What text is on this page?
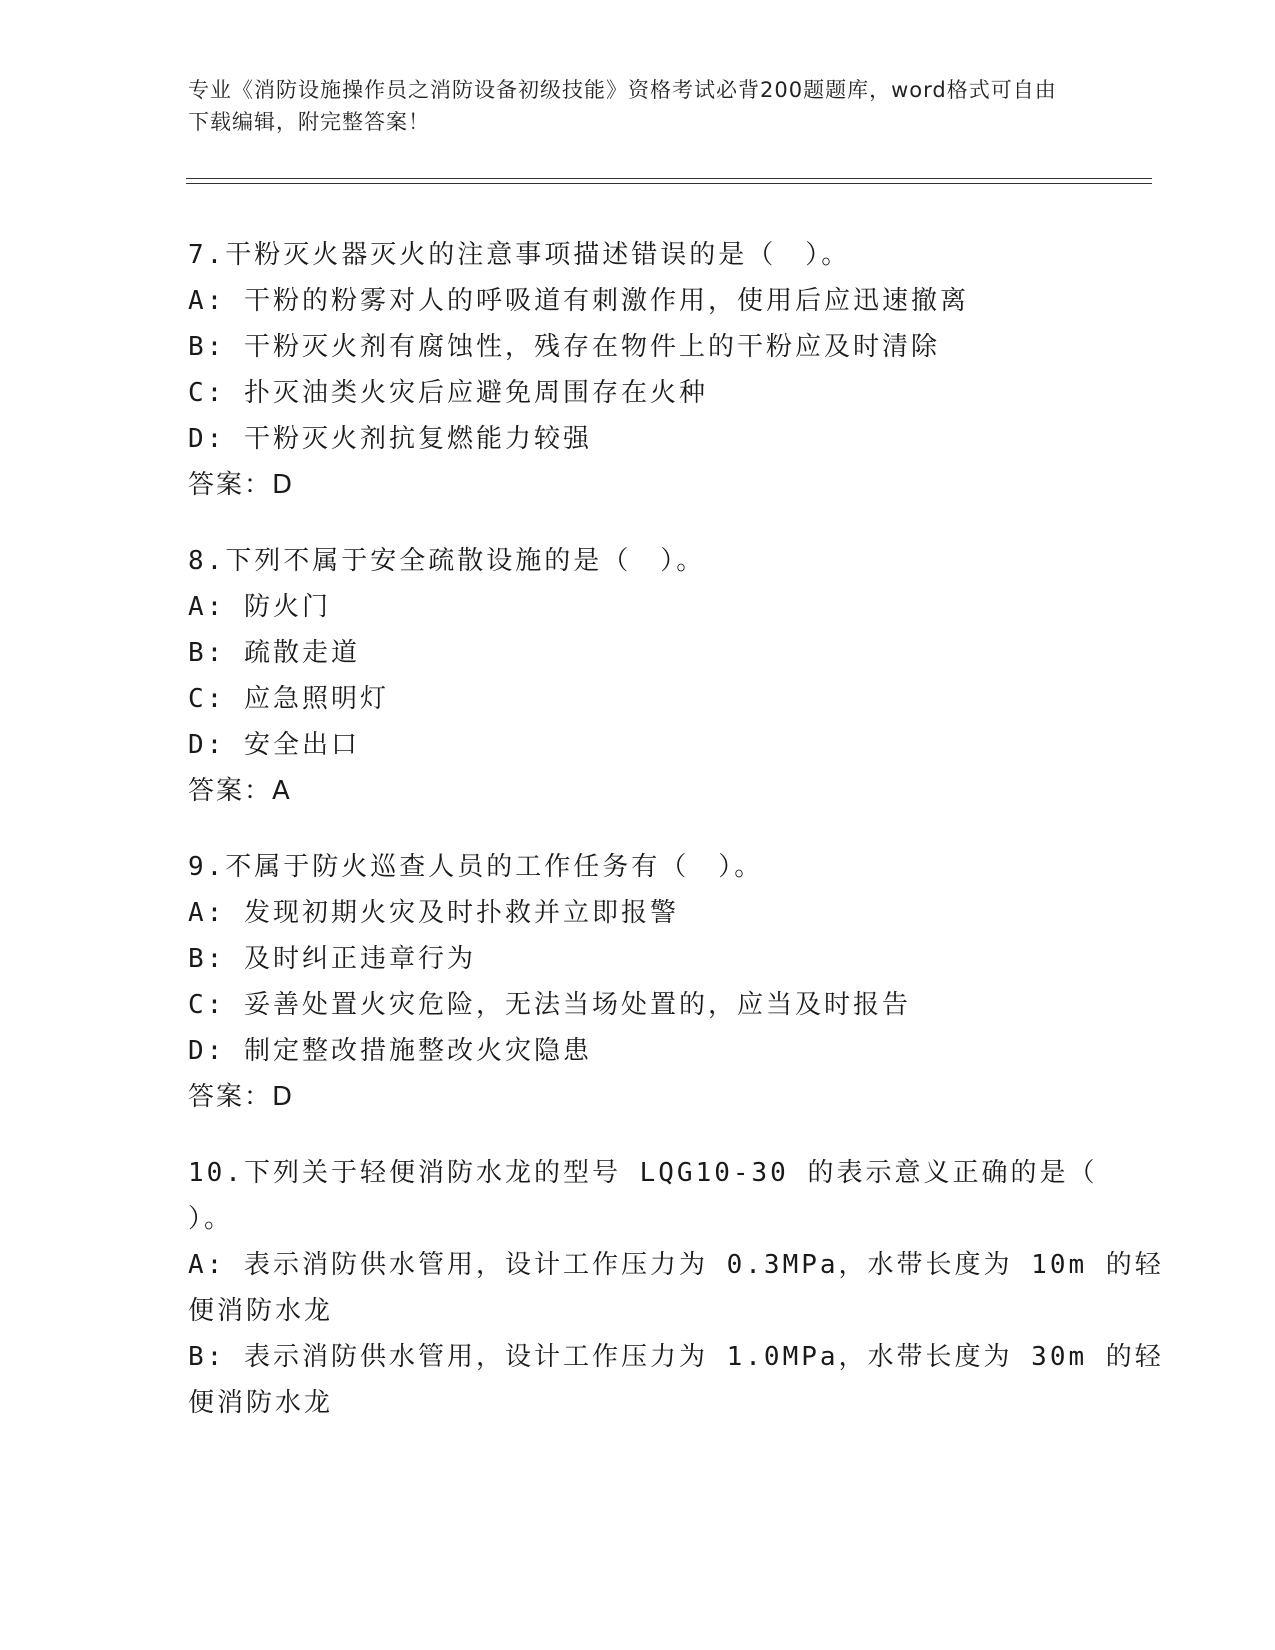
专业《消防设施操作员之消防设备初级技能》资格考试必背200题题库，word格式可自由下载编辑，附完整答案！
7.干粉灭火器灭火的注意事项描述错误的是（　）。
A: 干粉的粉雾对人的呼吸道有刺激作用，使用后应迅速撤离
B: 干粉灭火剂有腐蚀性，残存在物件上的干粉应及时清除
C: 扑灭油类火灾后应避免周围存在火种
D: 干粉灭火剂抗复燃能力较强
答案：D
8.下列不属于安全疏散设施的是（　）。
A: 防火门
B: 疏散走道
C: 应急照明灯
D: 安全出口
答案：A
9.不属于防火巡查人员的工作任务有（　）。
A: 发现初期火灾及时扑救并立即报警
B: 及时纠正违章行为
C: 妥善处置火灾危险，无法当场处置的，应当及时报告
D: 制定整改措施整改火灾隐患
答案：D
10.下列关于轻便消防水龙的型号 LQG10-30 的表示意义正确的是（
）。
A: 表示消防供水管用，设计工作压力为 0.3MPa，水带长度为 10m 的轻
便消防水龙
B: 表示消防供水管用，设计工作压力为 1.0MPa，水带长度为 30m 的轻
便消防水龙
